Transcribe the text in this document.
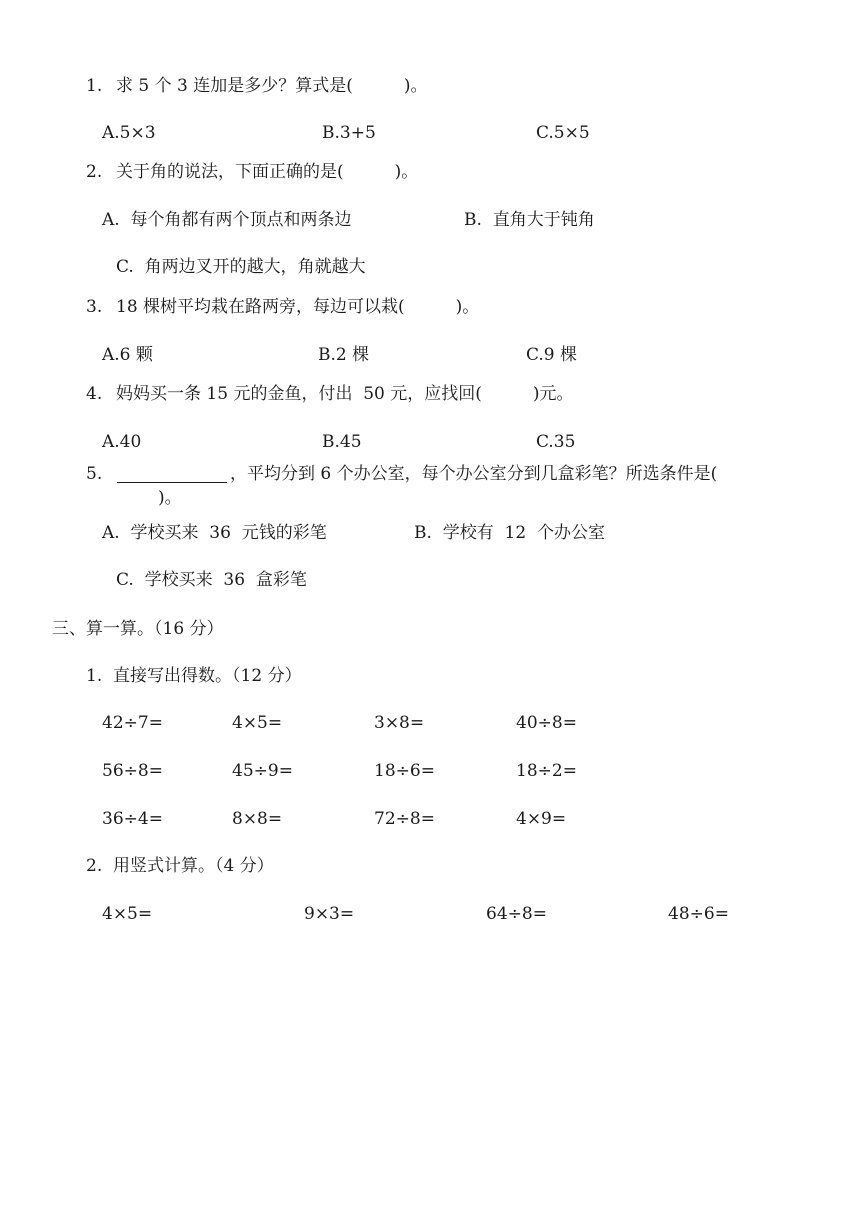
1. 求 5 个 3 连加是多少？算式是(　　　)。
A.5×3	B.3+5	C.5×5
2. 关于角的说法，下面正确的是(　　　)。
A.  每个角都有两个顶点和两条边	B.  直角大于钝角
C.  角两边叉开的越大，角就越大
3. 18 棵树平均栽在路两旁，每边可以栽(　　　)。
A.6 颗	B.2 棵	C.9 棵
4. 妈妈买一条 15 元的金鱼，付出  50 元，应找回(　　　)元。
A.40	B.45	C.35
5.	，平均分到 6 个办公室，每个办公室分到几盒彩笔？所选条件是(
)。
A.  学校买来  36  元钱的彩笔	B.  学校有  12  个办公室
C.  学校买来  36  盒彩笔
三、算一算。（16 分）
1.  直接写出得数。（12 分）
42÷7=	4×5=	3×8=	40÷8=
56÷8=	45÷9=	18÷6=	18÷2=
36÷4=	8×8=	72÷8=	4×9=
2.  用竖式计算。（4 分）
4×5=	9×3=	64÷8=	48÷6=
